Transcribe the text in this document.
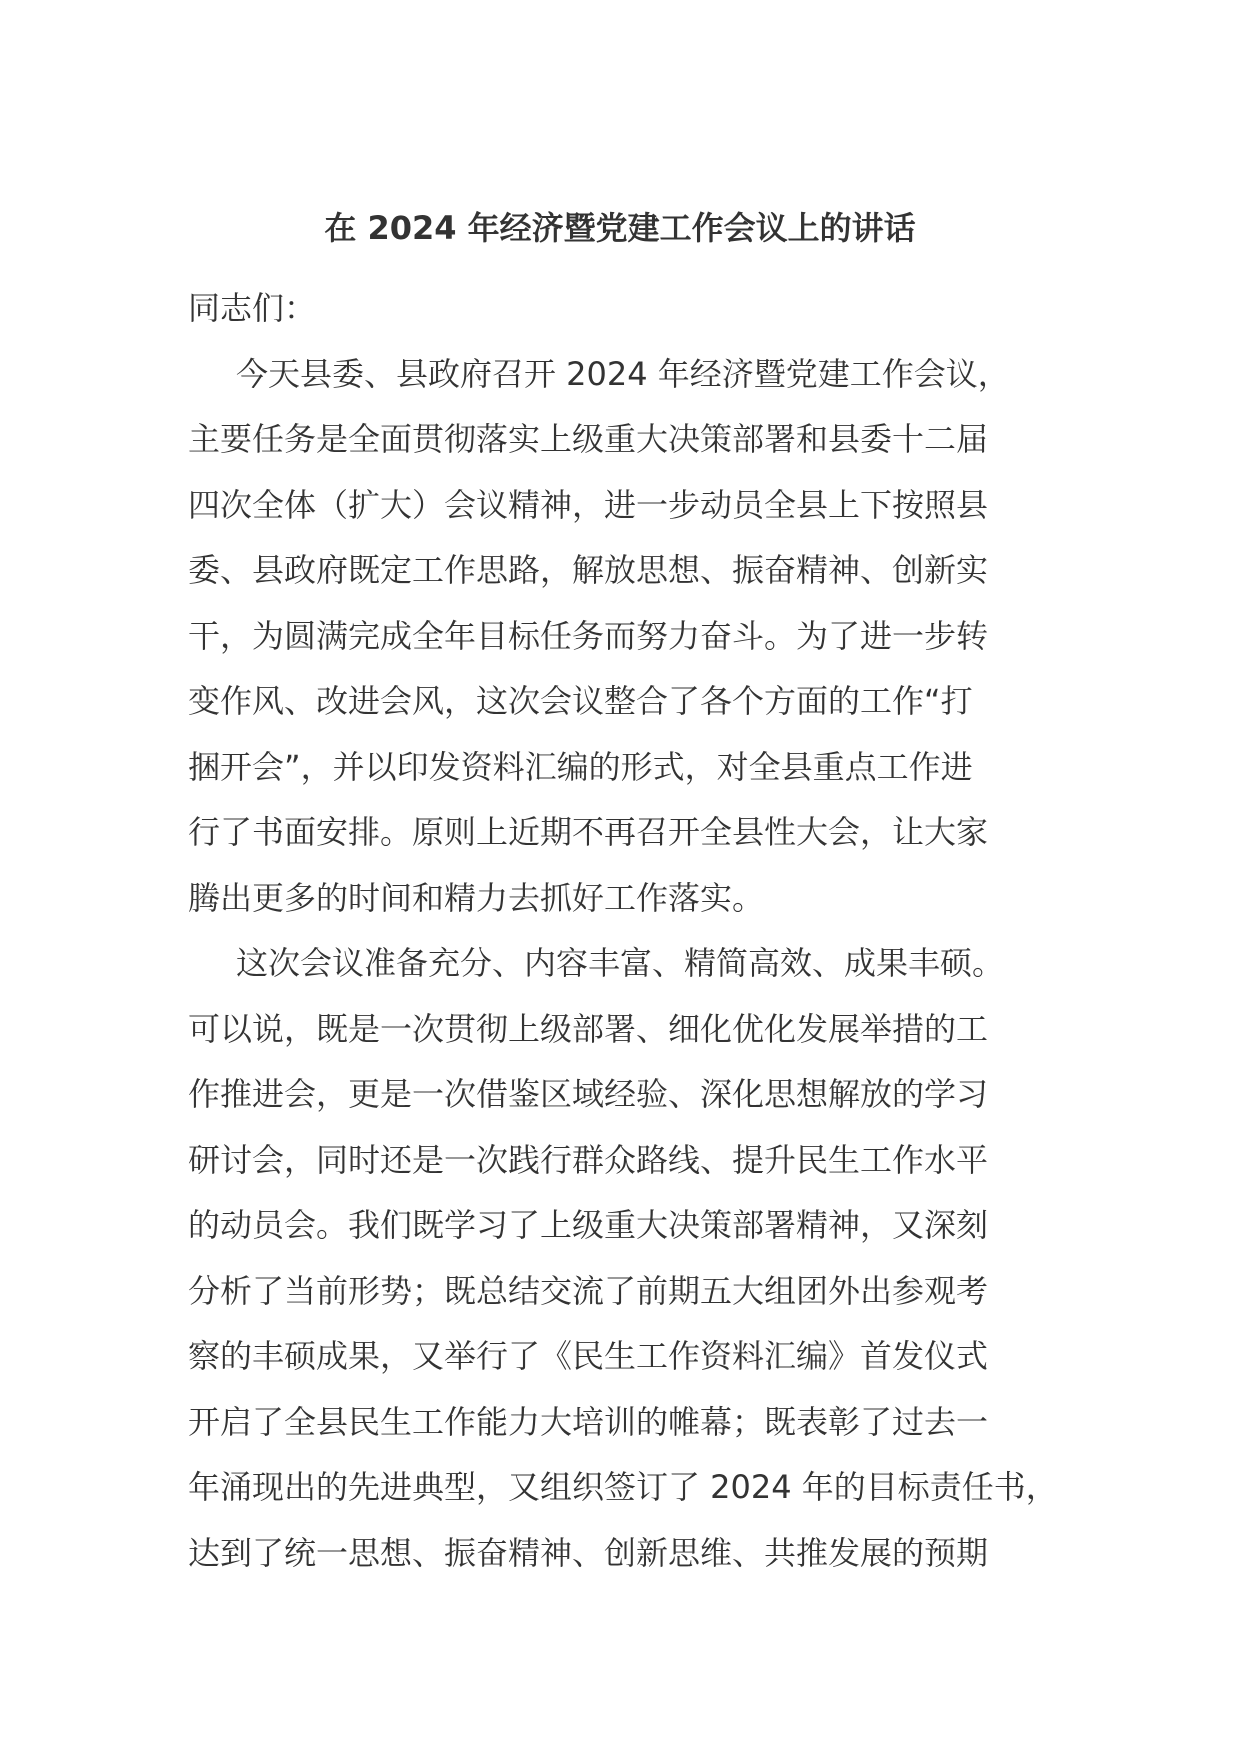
在 2024 年经济暨党建工作会议上的讲话
同志们：
今天县委、县政府召开 2024 年经济暨党建工作会议，
主要任务是全面贯彻落实上级重大决策部署和县委十二届
四次全体（扩大）会议精神，进一步动员全县上下按照县
委、县政府既定工作思路，解放思想、振奋精神、创新实
干，为圆满完成全年目标任务而努力奋斗。为了进一步转
变作风、改进会风，这次会议整合了各个方面的工作“打
捆开会”，并以印发资料汇编的形式，对全县重点工作进
行了书面安排。原则上近期不再召开全县性大会，让大家
腾出更多的时间和精力去抓好工作落实。
这次会议准备充分、内容丰富、精简高效、成果丰硕。
可以说，既是一次贯彻上级部署、细化优化发展举措的工
作推进会，更是一次借鉴区域经验、深化思想解放的学习
研讨会，同时还是一次践行群众路线、提升民生工作水平
的动员会。我们既学习了上级重大决策部署精神，又深刻
分析了当前形势；既总结交流了前期五大组团外出参观考
察的丰硕成果，又举行了《民生工作资料汇编》首发仪式
开启了全县民生工作能力大培训的帷幕；既表彰了过去一
年涌现出的先进典型，又组织签订了 2024 年的目标责任书，
达到了统一思想、振奋精神、创新思维、共推发展的预期
